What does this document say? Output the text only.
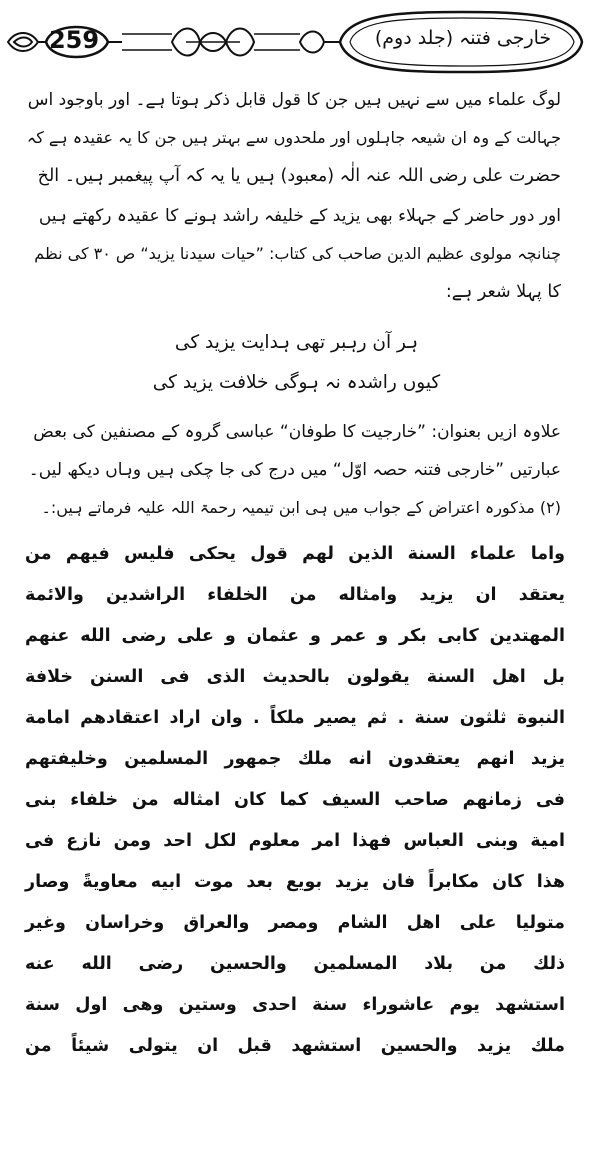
259	خارجی فتنہ (جلد دوم)
لوگ علماء میں سے نہیں ہیں جن کا قول قابل ذکر ہوتا ہے۔ اور باوجود اس
جہالت کے وہ ان شیعہ جاہلوں اور ملحدوں سے بہتر ہیں جن کا یہ عقیدہ ہے کہ
حضرت علی رضی اللہ عنہ الٰہ (معبود) ہیں یا یہ کہ آپ پیغمبر ہیں۔ الخ
اور دور حاضر کے جہلاء بھی یزید کے خلیفہ راشد ہونے کا عقیدہ رکھتے ہیں
چنانچہ مولوی عظیم الدین صاحب کی کتاب: ”حیات سیدنا یزید“ ص ۳۰ کی نظم
کا پہلا شعر ہے:
ہر آن رہبر تھی ہدایت یزید کی
کیوں راشدہ نہ ہوگی خلافت یزید کی
علاوہ ازیں بعنوان: ”خارجیت کا طوفان“ عباسی گروہ کے مصنفین کی بعض
عبارتیں ”خارجی فتنہ حصہ اوّل“ میں درج کی جا چکی ہیں وہاں دیکھ لیں۔
(۲) مذکورہ اعتراض کے جواب میں ہی ابن تیمیہ رحمۃ اللہ علیہ فرماتے ہیں:۔
واما علماء السنة الذين لهم قول يحكى فليس فيهم من
يعتقد ان يزيد وامثاله من الخلفاء الراشدين والائمة
المهتدين كابى بكر و عمر و عثمان و على رضى الله عنهم
بل اهل السنة يقولون بالحديث الذى فى السنن خلافة
النبوة ثلثون سنة . ثم يصير ملكاً . وان اراد اعتقادهم امامة
يزيد انهم يعتقدون انه ملك جمهور المسلمين وخليفتهم
فى زمانهم صاحب السيف كما كان امثاله من خلفاء بنى
امية وبنى العباس فهذا امر معلوم لكل احد ومن نازع فى
هذا كان مكابراً فان يزيد بويع بعد موت ابيه معاويةً وصار
متوليا على اهل الشام ومصر والعراق وخراسان وغير
ذلك من بلاد المسلمين والحسين رضى الله عنه
استشهد يوم عاشوراء سنة احدى وستين وهى اول سنة
ملك يزيد والحسين استشهد قبل ان يتولى شيئاً من
